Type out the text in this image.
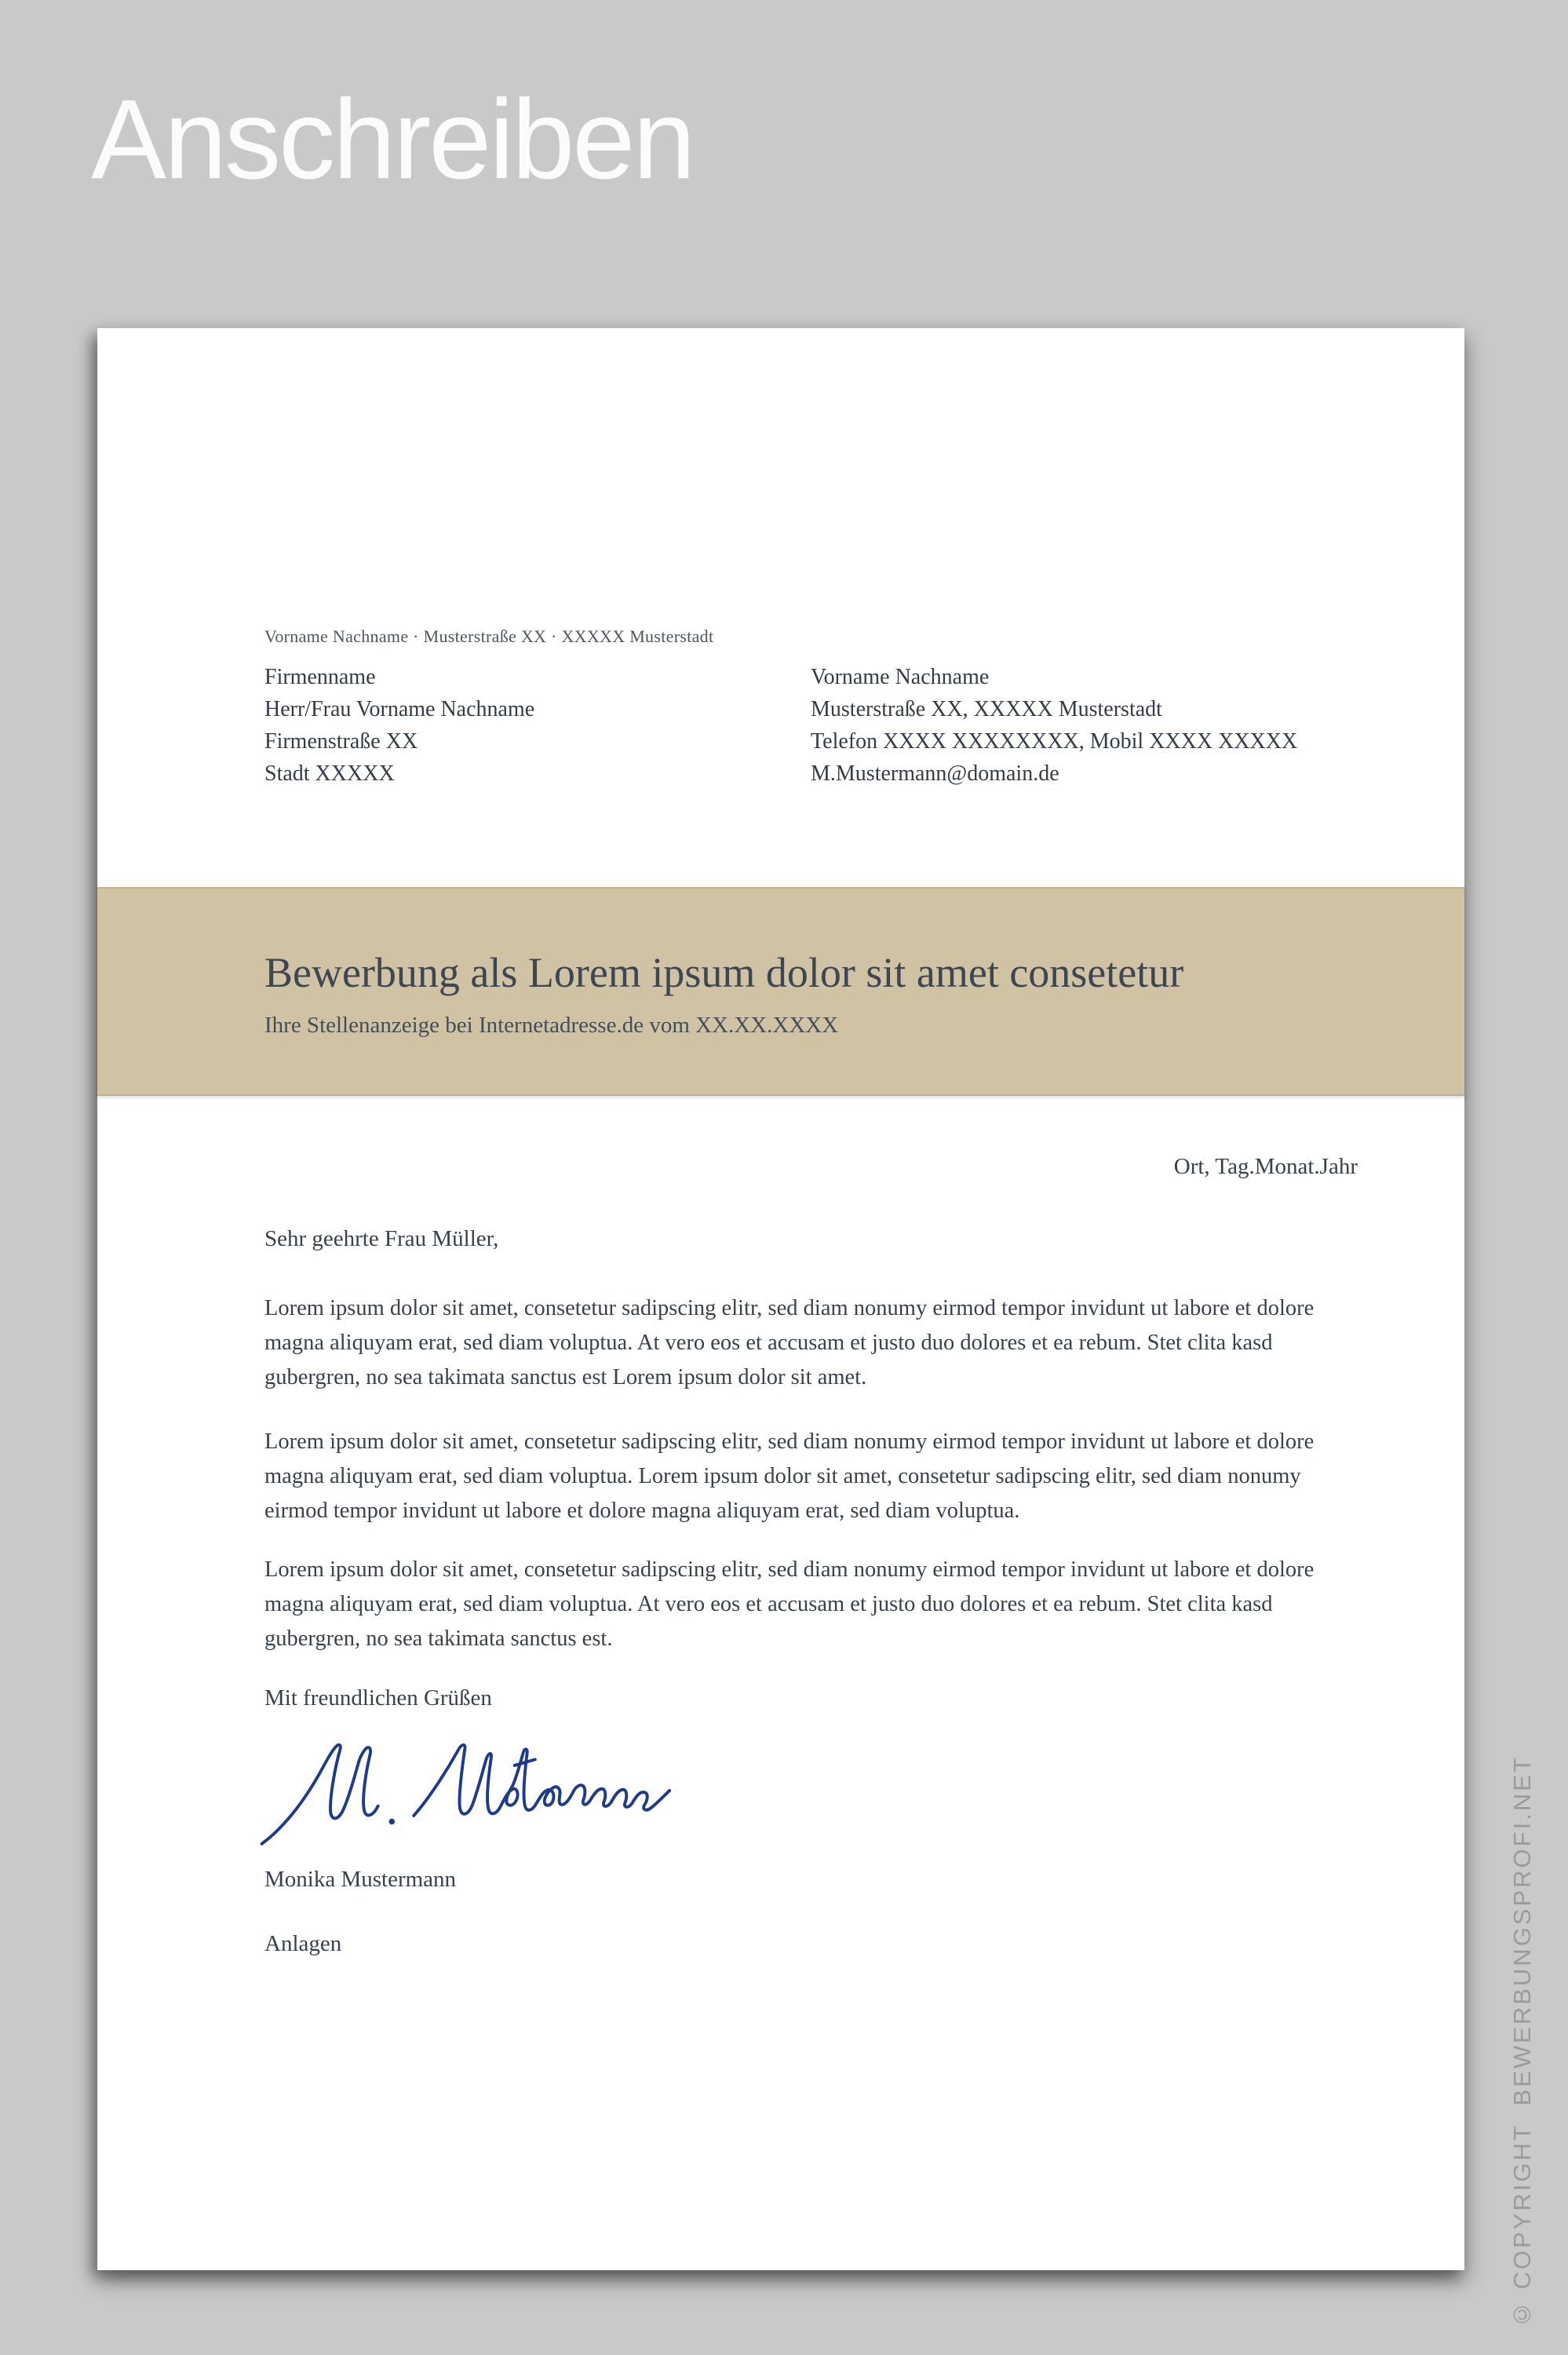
Anschreiben
Vorname Nachname · Musterstraße XX · XXXXX Musterstadt
Firmenname
Herr/Frau Vorname Nachname
Firmenstraße XX
Stadt XXXXX
Vorname Nachname
Musterstraße XX, XXXXX Musterstadt
Telefon XXXX XXXXXXXX, Mobil XXXX XXXXX
M.Mustermann@domain.de
Bewerbung als Lorem ipsum dolor sit amet consetetur
Ihre Stellenanzeige bei Internetadresse.de vom XX.XX.XXXX
Ort, Tag.Monat.Jahr
Sehr geehrte Frau Müller,

Lorem ipsum dolor sit amet, consetetur sadipscing elitr, sed diam nonumy eirmod tempor invidunt ut labore et dolore magna aliquyam erat, sed diam voluptua. At vero eos et accusam et justo duo dolores et ea rebum. Stet clita kasd gubergren, no sea takimata sanctus est Lorem ipsum dolor sit amet.

Lorem ipsum dolor sit amet, consetetur sadipscing elitr, sed diam nonumy eirmod tempor invidunt ut labore et dolore magna aliquyam erat, sed diam voluptua. Lorem ipsum dolor sit amet, consetetur sadipscing elitr, sed diam nonumy eirmod tempor invidunt ut labore et dolore magna aliquyam erat, sed diam voluptua.

Lorem ipsum dolor sit amet, consetetur sadipscing elitr, sed diam nonumy eirmod tempor invidunt ut labore et dolore magna aliquyam erat, sed diam voluptua. At vero eos et accusam et justo duo dolores et ea rebum. Stet clita kasd gubergren, no sea takimata sanctus est.

Mit freundlichen Grüßen
Monika Mustermann
Anlagen	© COPYRIGHT  BEWERBUNGSPROFI.NET
